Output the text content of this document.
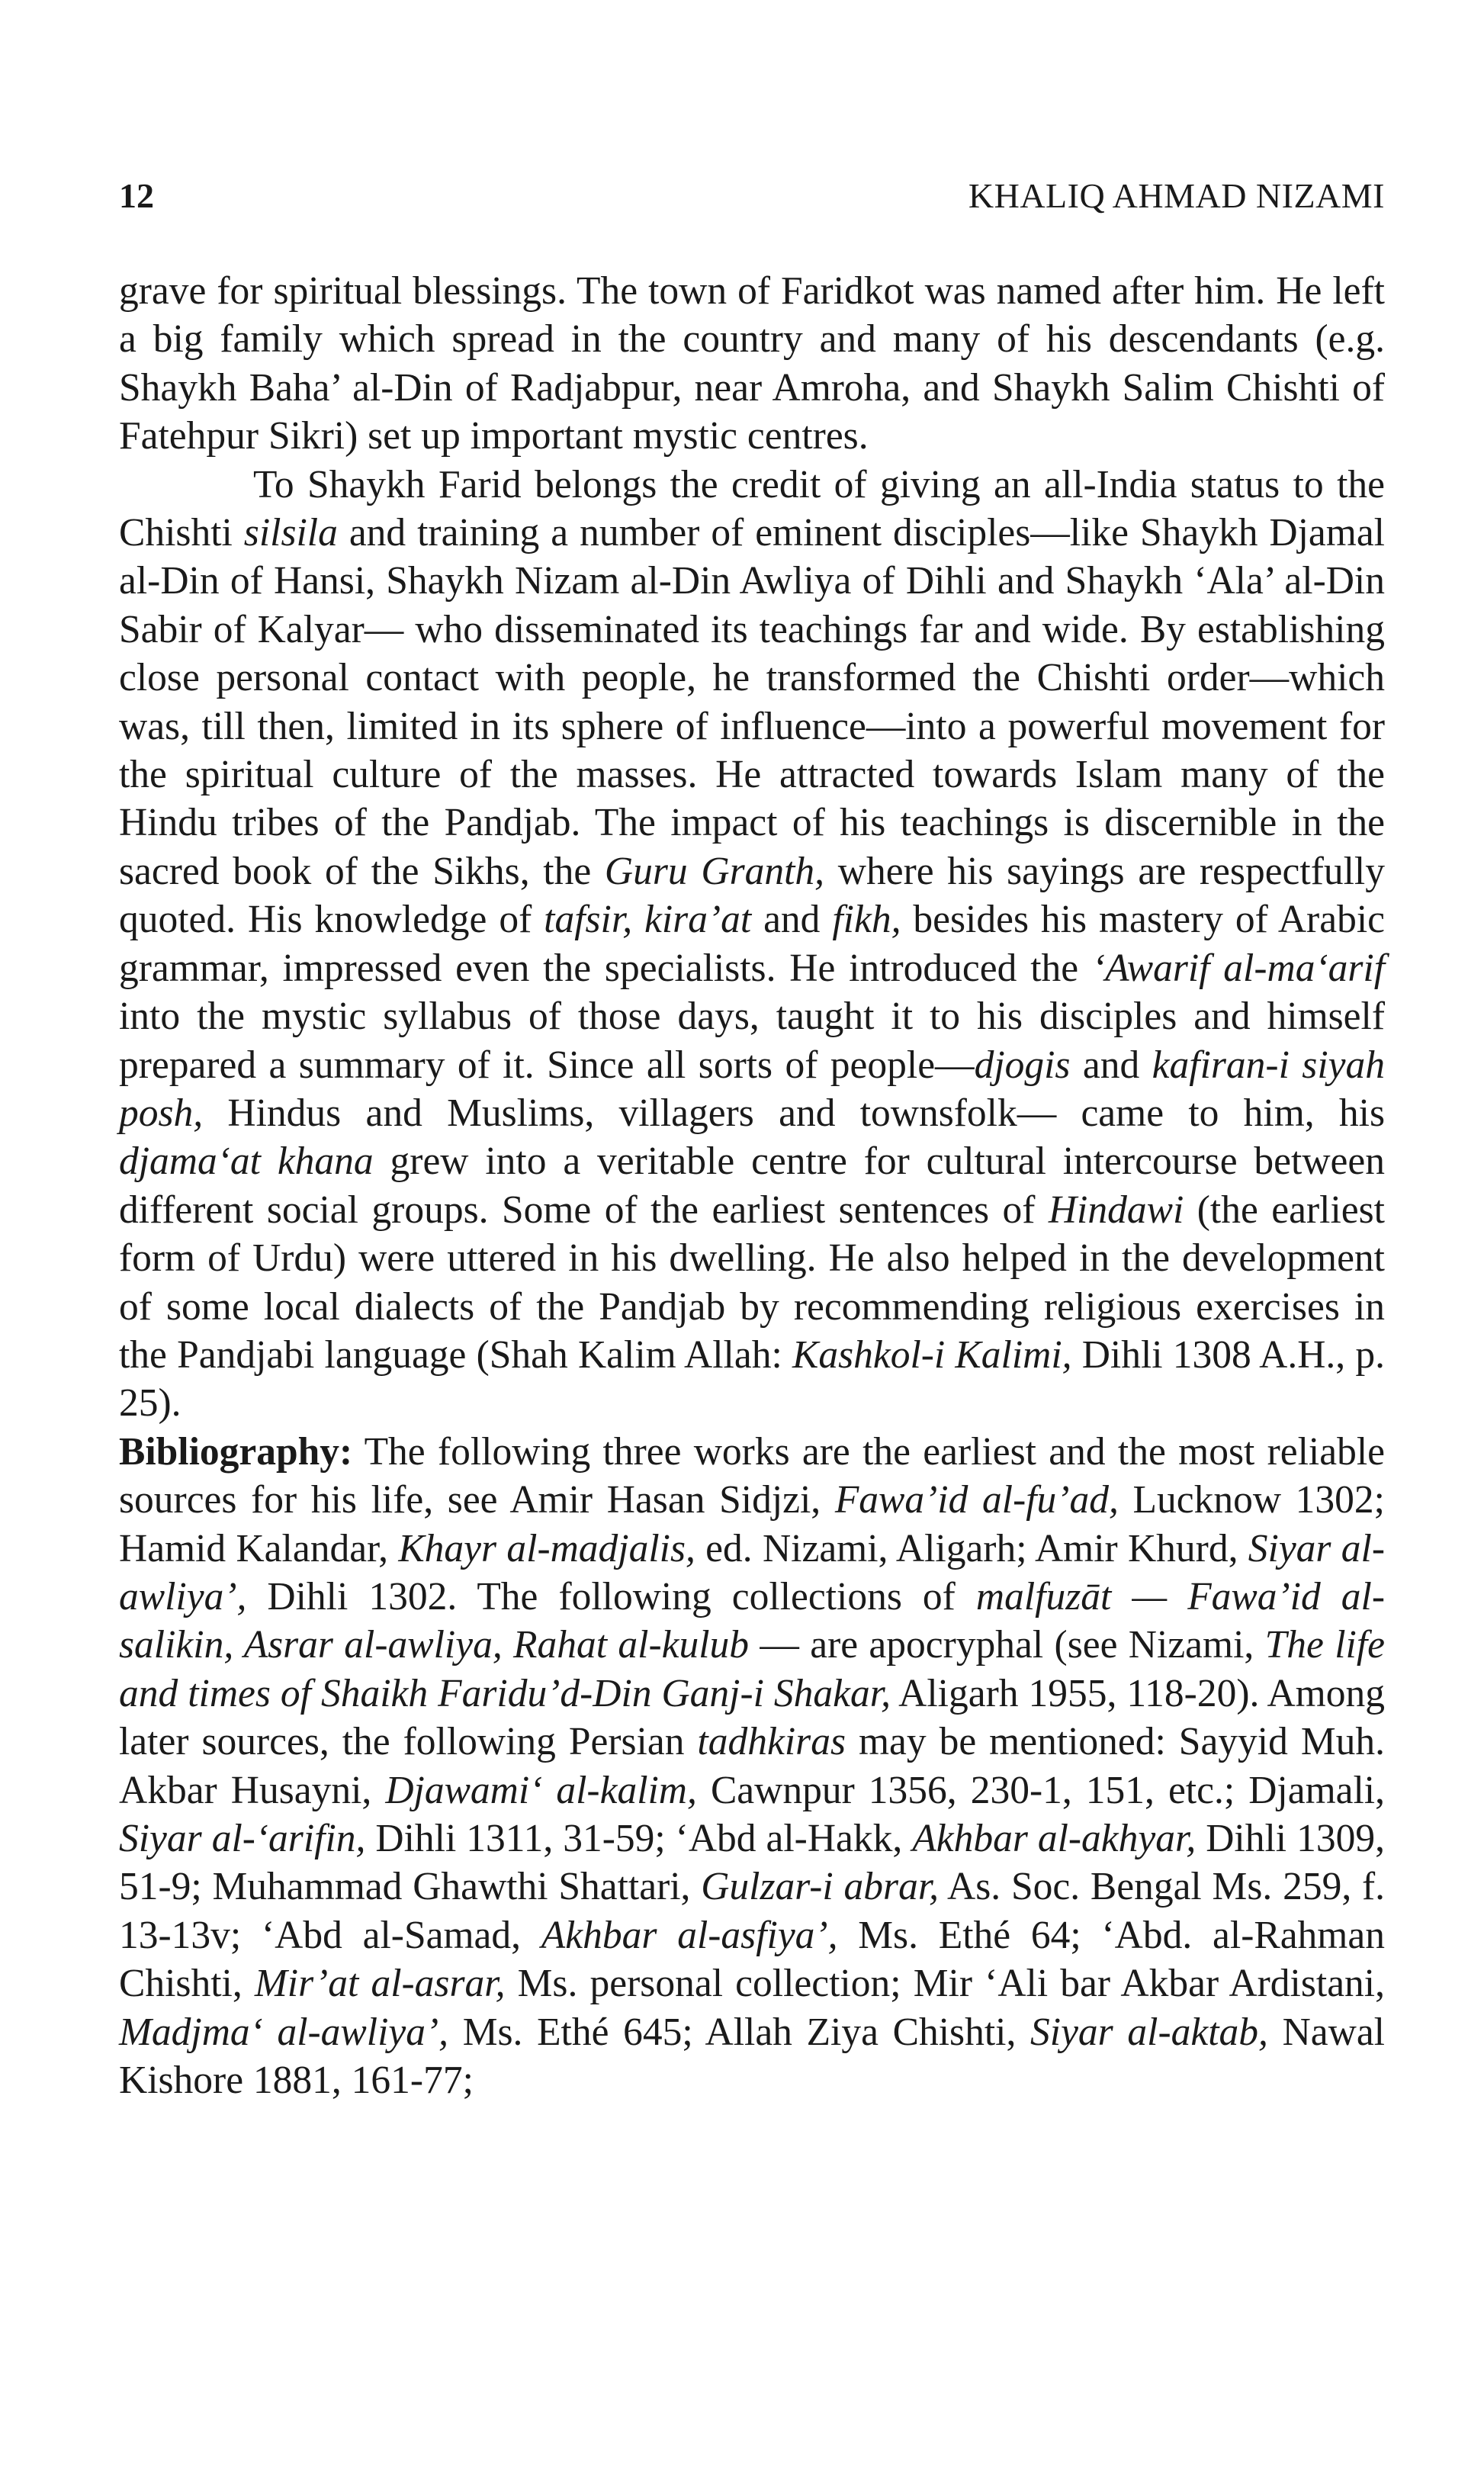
12	KHALIQ AHMAD NIZAMI

grave for spiritual blessings. The town of Faridkot was named after him. He left a big family which spread in the country and many of his descendants (e.g. Shaykh Baha’ al-Din of Radjabpur, near Amroha, and Shaykh Salim Chishti of Fatehpur Sikri) set up important mystic centres.

To Shaykh Farid belongs the credit of giving an all-India status to the Chishti silsila and training a number of eminent disciples—like Shaykh Djamal al-Din of Hansi, Shaykh Nizam al-Din Awliya of Dihli and Shaykh ‘Ala’ al-Din Sabir of Kalyar— who disseminated its teachings far and wide. By establishing close personal contact with people, he transformed the Chishti order—which was, till then, limited in its sphere of influence—into a powerful movement for the spiritual culture of the masses. He attracted towards Islam many of the Hindu tribes of the Pandjab. The impact of his teachings is discernible in the sacred book of the Sikhs, the Guru Granth, where his sayings are respectfully quoted. His knowledge of tafsir, kira’at and fikh, besides his mastery of Arabic grammar, impressed even the specialists. He introduced the ‘Awarif al-ma‘arif into the mystic syllabus of those days, taught it to his disciples and himself prepared a summary of it. Since all sorts of people—djogis and kafiran-i siyah posh, Hindus and Muslims, villagers and townsfolk— came to him, his djama‘at khana grew into a veritable centre for cultural intercourse between different social groups. Some of the earliest sentences of Hindawi (the earliest form of Urdu) were uttered in his dwelling. He also helped in the development of some local dialects of the Pandjab by recommending religious exercises in the Pandjabi language (Shah Kalim Allah: Kashkol-i Kalimi, Dihli 1308 A.H., p. 25).

Bibliography: The following three works are the earliest and the most reliable sources for his life, see Amir Hasan Sidjzi, Fawa’id al-fu’ad, Lucknow 1302; Hamid Kalandar, Khayr al-madjalis, ed. Nizami, Aligarh; Amir Khurd, Siyar al-awliya’, Dihli 1302. The following collections of malfuzāt — Fawa’id al-salikin, Asrar al-awliya, Rahat al-kulub — are apocryphal (see Nizami, The life and times of Shaikh Faridu’d-Din Ganj-i Shakar, Aligarh 1955, 118-20). Among later sources, the following Persian tadhkiras may be mentioned: Sayyid Muh. Akbar Husayni, Djawami‘ al-kalim, Cawnpur 1356, 230-1, 151, etc.; Djamali, Siyar al-‘arifin, Dihli 1311, 31-59; ‘Abd al-Hakk, Akhbar al-akhyar, Dihli 1309, 51-9; Muhammad Ghawthi Shattari, Gulzar-i abrar, As. Soc. Bengal Ms. 259, f. 13-13v; ‘Abd al-Samad, Akhbar al-asfiya’, Ms. Ethé 64; ‘Abd. al-Rahman Chishti, Mir’at al-asrar, Ms. personal collection; Mir ‘Ali bar Akbar Ardistani, Madjma‘ al-awliya’, Ms. Ethé 645; Allah Ziya Chishti, Siyar al-aktab, Nawal Kishore 1881, 161-77;
